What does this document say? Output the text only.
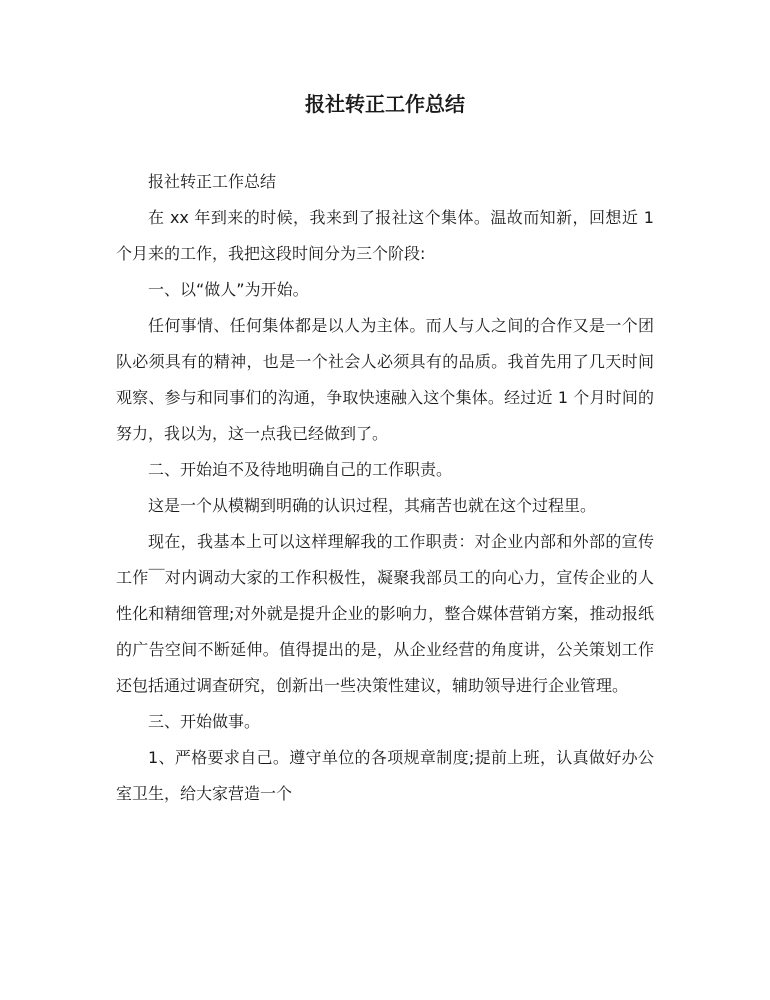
报社转正工作总结

报社转正工作总结

在 xx 年到来的时候，我来到了报社这个集体。温故而知新，回想近 1 个月来的工作，我把这段时间分为三个阶段:

一、以“做人”为开始。

任何事情、任何集体都是以人为主体。而人与人之间的合作又是一个团队必须具有的精神，也是一个社会人必须具有的品质。我首先用了几天时间观察、参与和同事们的沟通，争取快速融入这个集体。经过近 1 个月时间的努力，我以为，这一点我已经做到了。

二、开始迫不及待地明确自己的工作职责。

这是一个从模糊到明确的认识过程，其痛苦也就在这个过程里。

现在，我基本上可以这样理解我的工作职责：对企业内部和外部的宣传工作￣对内调动大家的工作积极性，凝聚我部员工的向心力，宣传企业的人性化和精细管理;对外就是提升企业的影响力，整合媒体营销方案，推动报纸的广告空间不断延伸。值得提出的是，从企业经营的角度讲，公关策划工作还包括通过调查研究，创新出一些决策性建议，辅助领导进行企业管理。

三、开始做事。

1、严格要求自己。遵守单位的各项规章制度;提前上班，认真做好办公室卫生，给大家营造一个
